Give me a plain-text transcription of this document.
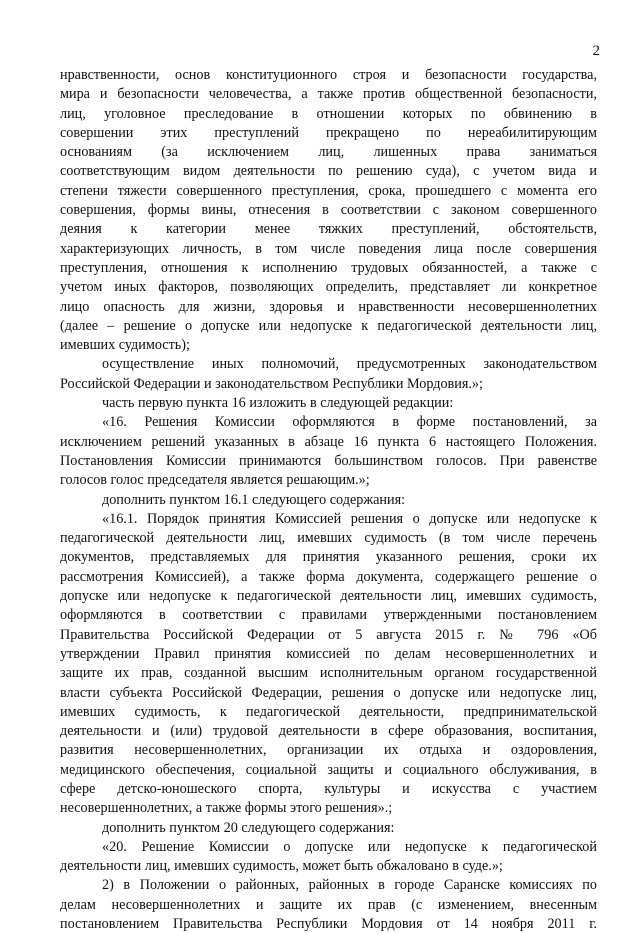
2
нравственности, основ конституционного строя и безопасности государства,
мира и безопасности человечества, а также против общественной безопасности,
лиц, уголовное преследование в отношении которых по обвинению в
совершении этих преступлений прекращено по нереабилитирующим
основаниям (за исключением лиц, лишенных права заниматься
соответствующим видом деятельности по решению суда), с учетом вида и
степени тяжести совершенного преступления, срока, прошедшего с момента его
совершения, формы вины, отнесения в соответствии с законом совершенного
деяния к категории менее тяжких преступлений, обстоятельств,
характеризующих личность, в том числе поведения лица после совершения
преступления, отношения к исполнению трудовых обязанностей, а также с
учетом иных факторов, позволяющих определить, представляет ли конкретное
лицо опасность для жизни, здоровья и нравственности несовершеннолетних
(далее – решение о допуске или недопуске к педагогической деятельности лиц,
имевших судимость);
осуществление иных полномочий, предусмотренных законодательством
Российской Федерации и законодательством Республики Мордовия.»;
часть первую пункта 16 изложить в следующей редакции:
«16. Решения Комиссии оформляются в форме постановлений, за
исключением решений указанных в абзаце 16 пункта 6 настоящего Положения.
Постановления Комиссии принимаются большинством голосов. При равенстве
голосов голос председателя является решающим.»;
дополнить пунктом 16.1 следующего содержания:
«16.1. Порядок принятия Комиссией решения о допуске или недопуске к
педагогической деятельности лиц, имевших судимость (в том числе перечень
документов, представляемых для принятия указанного решения, сроки их
рассмотрения Комиссией), а также форма документа, содержащего решение о
допуске или недопуске к педагогической деятельности лиц, имевших судимость,
оформляются в соответствии с правилами утвержденными постановлением
Правительства Российской Федерации от 5 августа 2015 г. № 796 «Об
утверждении Правил принятия комиссией по делам несовершеннолетних и
защите их прав, созданной высшим исполнительным органом государственной
власти субъекта Российской Федерации, решения о допуске или недопуске лиц,
имевших судимость, к педагогической деятельности, предпринимательской
деятельности и (или) трудовой деятельности в сфере образования, воспитания,
развития несовершеннолетних, организации их отдыха и оздоровления,
медицинского обеспечения, социальной защиты и социального обслуживания, в
сфере детско-юношеского спорта, культуры и искусства с участием
несовершеннолетних, а также формы этого решения».;
дополнить пунктом 20 следующего содержания:
«20. Решение Комиссии о допуске или недопуске к педагогической
деятельности лиц, имевших судимость, может быть обжаловано в суде.»;
2) в Положении о районных, районных в городе Саранске комиссиях по
делам несовершеннолетних и защите их прав (с изменением, внесенным
постановлением Правительства Республики Мордовия от 14 ноября 2011 г.
